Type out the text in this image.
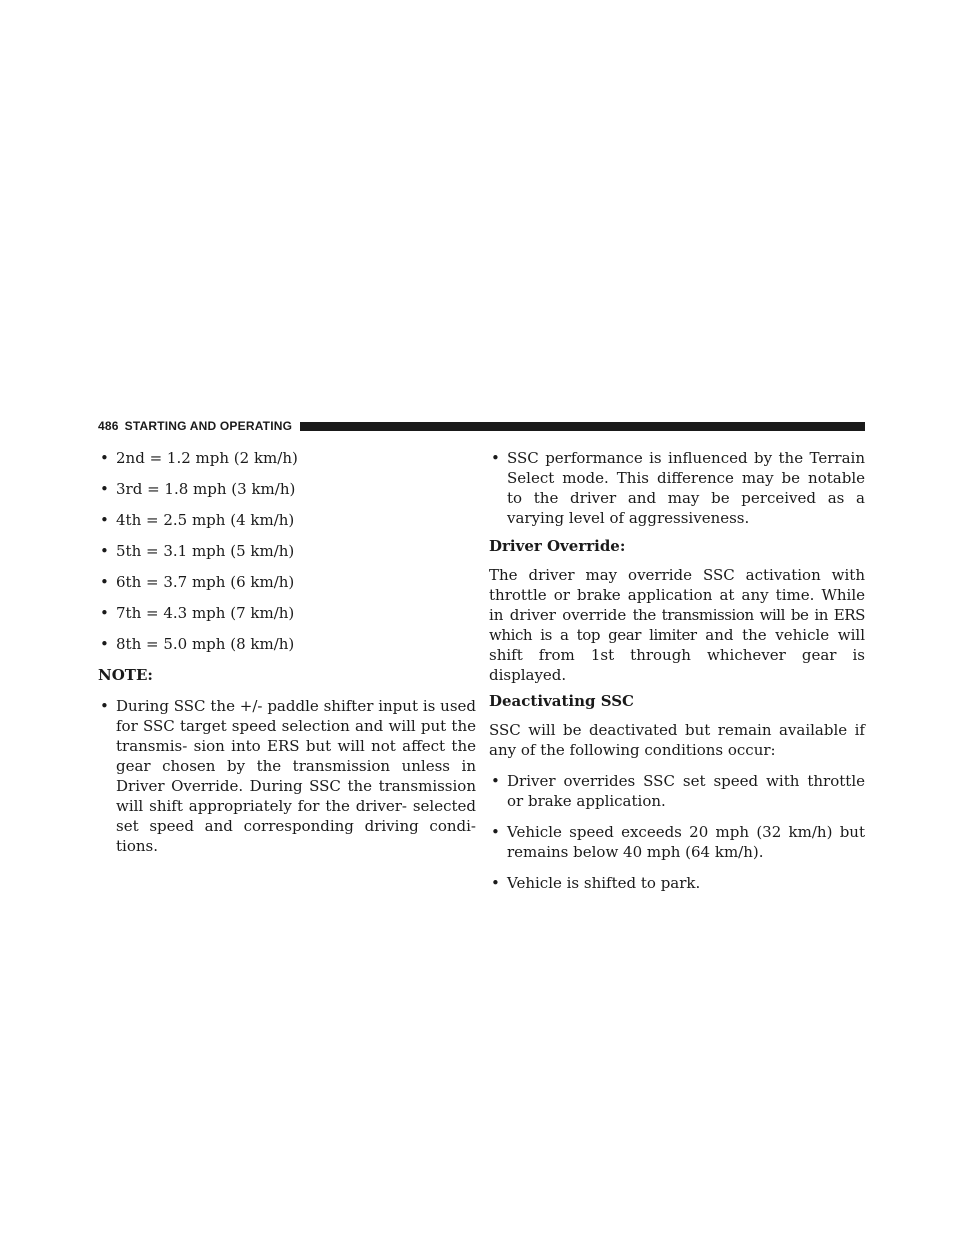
486 STARTING AND OPERATING
• 2nd = 1.2 mph (2 km/h)
• 3rd = 1.8 mph (3 km/h)
• 4th = 2.5 mph (4 km/h)
• 5th = 3.1 mph (5 km/h)
• 6th = 3.7 mph (6 km/h)
• 7th = 4.3 mph (7 km/h)
• 8th = 5.0 mph (8 km/h)
NOTE:
• During SSC the +/- paddle shifter input is used for SSC target speed selection and will put the transmis- sion into ERS but will not affect the gear chosen by the transmission unless in Driver Override. During SSC the transmission will shift appropriately for the driver- selected set speed and corresponding driving condi- tions.
• SSC performance is influenced by the Terrain Select mode. This difference may be notable to the driver and may be perceived as a varying level of aggressiveness.
Driver Override:

The driver may override SSC activation with throttle or brake application at any time. While in driver override the transmission will be in ERS which is a top gear limiter and the vehicle will shift from 1st through whichever gear is displayed.

Deactivating SSC

SSC will be deactivated but remain available if any of the following conditions occur:

• Driver overrides SSC set speed with throttle or brake application.
• Vehicle speed exceeds 20 mph (32 km/h) but remains below 40 mph (64 km/h).
• Vehicle is shifted to park.
